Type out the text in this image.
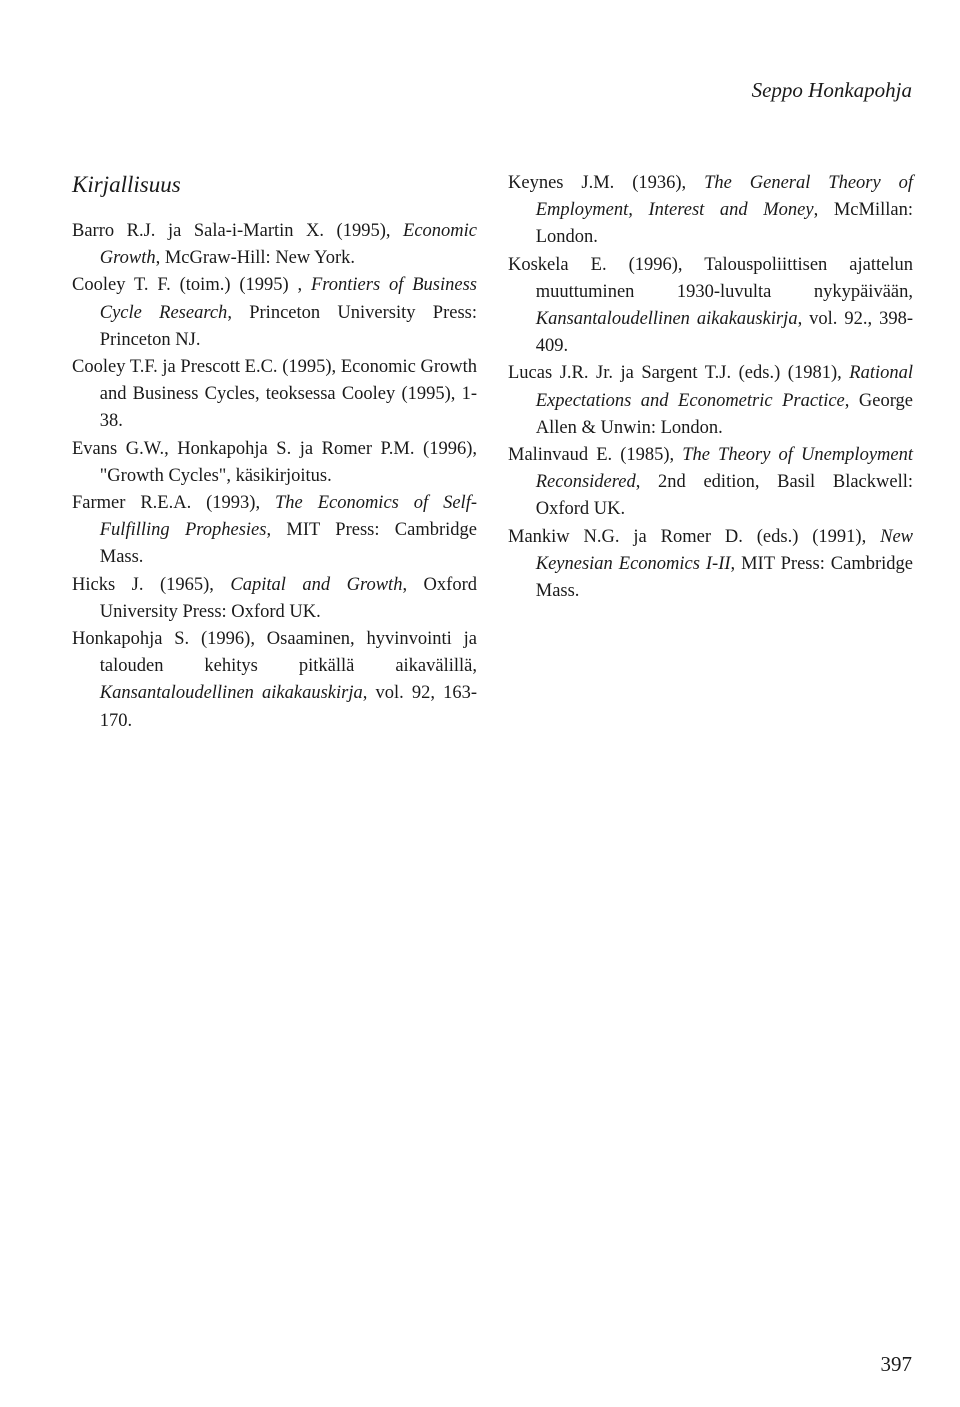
Seppo Honkapohja
Kirjallisuus

Barro R.J. ja Sala-i-Martin X. (1995), Economic Growth, McGraw-Hill: New York.

Cooley T. F. (toim.) (1995) , Frontiers of Business Cycle Research, Princeton University Press: Princeton NJ.

Cooley T.F. ja Prescott E.C. (1995), Economic Growth and Business Cycles, teoksessa Cooley (1995), 1-38.

Evans G.W., Honkapohja S. ja Romer P.M. (1996), "Growth Cycles", käsikirjoitus.

Farmer R.E.A. (1993), The Economics of Self-Fulfilling Prophesies, MIT Press: Cambridge Mass.

Hicks J. (1965), Capital and Growth, Oxford University Press: Oxford UK.

Honkapohja S. (1996), Osaaminen, hyvinvointi ja talouden kehitys pitkällä aikavälillä, Kansantaloudellinen aikakauskirja, vol. 92, 163-170.

Keynes J.M. (1936), The General Theory of Employment, Interest and Money, McMillan: London.

Koskela E. (1996), Talouspoliittisen ajattelun muuttuminen 1930-luvulta nykypäivään, Kansantaloudellinen aikakauskirja, vol. 92., 398-409.

Lucas J.R. Jr. ja Sargent T.J. (eds.) (1981), Rational Expectations and Econometric Practice, George Allen & Unwin: London.

Malinvaud E. (1985), The Theory of Unemployment Reconsidered, 2nd edition, Basil Blackwell: Oxford UK.

Mankiw N.G. ja Romer D. (eds.) (1991), New Keynesian Economics I-II, MIT Press: Cambridge Mass.

397
